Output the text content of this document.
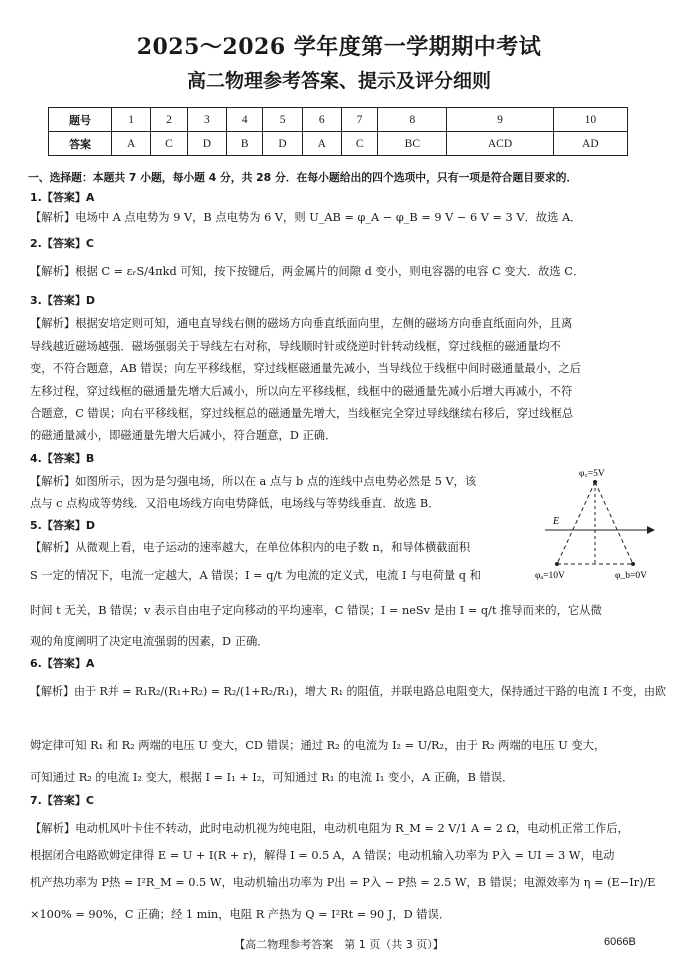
2025～2026 学年度第一学期期中考试
高二物理参考答案、提示及评分细则
题号	1	2	3	4	5	6	7	8	9	10
答案	A	C	D	B	D	A	C	BC	ACD	AD
一、选择题：本题共 7 小题，每小题 4 分，共 28 分．在每小题给出的四个选项中，只有一项是符合题目要求的．
1.【答案】A
【解析】电场中 A 点电势为 9 V，B 点电势为 6 V，则 U_AB = φ_A − φ_B = 9 V − 6 V = 3 V．故选 A．
2.【答案】C
【解析】根据 C = εᵣS/4πkd 可知，按下按键后，两金属片的间隙 d 变小，则电容器的电容 C 变大．故选 C．
3.【答案】D
【解析】根据安培定则可知，通电直导线右侧的磁场方向垂直纸面向里，左侧的磁场方向垂直纸面向外，且离
导线越近磁场越强．磁场强弱关于导线左右对称，导线顺时针或绕逆时针转动线框，穿过线框的磁通量均不
变，不符合题意，AB 错误；向左平移线框，穿过线框磁通量先减小，当导线位于线框中间时磁通量最小，之后
左移过程，穿过线框的磁通量先增大后减小，所以向左平移线框，线框中的磁通量先减小后增大再减小，不符
合题意，C 错误；向右平移线框，穿过线框总的磁通量先增大，当线框完全穿过导线继续右移后，穿过线框总
的磁通量减小，即磁通量先增大后减小，符合题意，D 正确．
4.【答案】B
【解析】如图所示，因为是匀强电场，所以在 a 点与 b 点的连线中点电势必然是 5 V，该
点与 c 点构成等势线．又沿电场线方向电势降低，电场线与等势线垂直．故选 B．
5.【答案】D
【解析】从微观上看，电子运动的速率越大，在单位体积内的电子数 n，和导体横截面积
S 一定的情况下，电流一定越大，A 错误；I = q/t 为电流的定义式，电流 I 与电荷量 q 和
时间 t 无关，B 错误；v 表示自由电子定向移动的平均速率，C 错误；I = neSv 是由 I = q/t 推导而来的，它从微
观的角度阐明了决定电流强弱的因素，D 正确．
E
φ꜀=5V
φₐ=10V	φ_b=0V
6.【答案】A
【解析】由于 R并 = R₁R₂/(R₁+R₂) = R₂/(1+R₂/R₁)，增大 R₁ 的阻值，并联电路总电阻变大，保持通过干路的电流 I 不变，由欧
姆定律可知 R₁ 和 R₂ 两端的电压 U 变大，CD 错误；通过 R₂ 的电流为 I₂ = U/R₂，由于 R₂ 两端的电压 U 变大，
可知通过 R₂ 的电流 I₂ 变大，根据 I = I₁ + I₂，可知通过 R₁ 的电流 I₁ 变小，A 正确，B 错误．
7.【答案】C
【解析】电动机风叶卡住不转动，此时电动机视为纯电阻，电动机电阻为 R_M = 2 V/1 A = 2 Ω，电动机正常工作后，
根据闭合电路欧姆定律得 E = U + I(R + r)，解得 I = 0.5 A，A 错误；电动机输入功率为 P入 = UI = 3 W，电动
机产热功率为 P热 = I²R_M = 0.5 W，电动机输出功率为 P出 = P入 − P热 = 2.5 W，B 错误；电源效率为 η = (E−Ir)/E
×100% = 90%，C 正确；经 1 min，电阻 R 产热为 Q = I²Rt = 90 J，D 错误．
【高二物理参考答案　第 1 页（共 3 页）】	6066B
